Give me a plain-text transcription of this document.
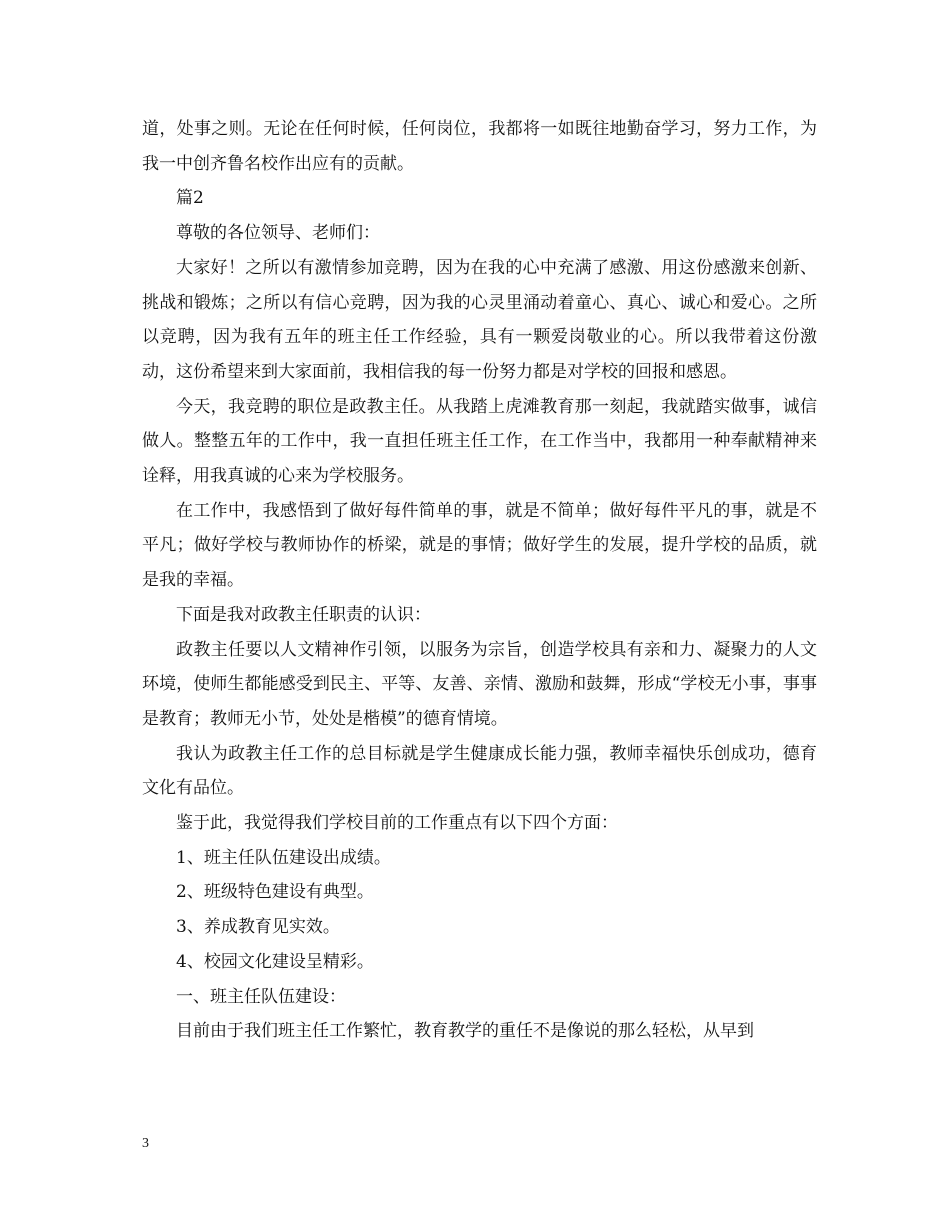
道，处事之则。无论在任何时候，任何岗位，我都将一如既往地勤奋学习，努力工作，为我一中创齐鲁名校作出应有的贡献。

篇2

尊敬的各位领导、老师们：

大家好！之所以有激情参加竞聘，因为在我的心中充满了感激、用这份感激来创新、挑战和锻炼；之所以有信心竞聘，因为我的心灵里涌动着童心、真心、诚心和爱心。之所以竞聘，因为我有五年的班主任工作经验，具有一颗爱岗敬业的心。所以我带着这份激动，这份希望来到大家面前，我相信我的每一份努力都是对学校的回报和感恩。

今天，我竞聘的职位是政教主任。从我踏上虎滩教育那一刻起，我就踏实做事，诚信做人。整整五年的工作中，我一直担任班主任工作，在工作当中，我都用一种奉献精神来诠释，用我真诚的心来为学校服务。

在工作中，我感悟到了做好每件简单的事，就是不简单；做好每件平凡的事，就是不平凡；做好学校与教师协作的桥梁，就是的事情；做好学生的发展，提升学校的品质，就是我的幸福。

下面是我对政教主任职责的认识：

政教主任要以人文精神作引领，以服务为宗旨，创造学校具有亲和力、凝聚力的人文环境，使师生都能感受到民主、平等、友善、亲情、激励和鼓舞，形成“学校无小事，事事是教育；教师无小节，处处是楷模”的德育情境。

我认为政教主任工作的总目标就是学生健康成长能力强，教师幸福快乐创成功，德育文化有品位。

鉴于此，我觉得我们学校目前的工作重点有以下四个方面：

1、班主任队伍建设出成绩。

2、班级特色建设有典型。

3、养成教育见实效。

4、校园文化建设呈精彩。

一、班主任队伍建设：

目前由于我们班主任工作繁忙，教育教学的重任不是像说的那么轻松，从早到

3
